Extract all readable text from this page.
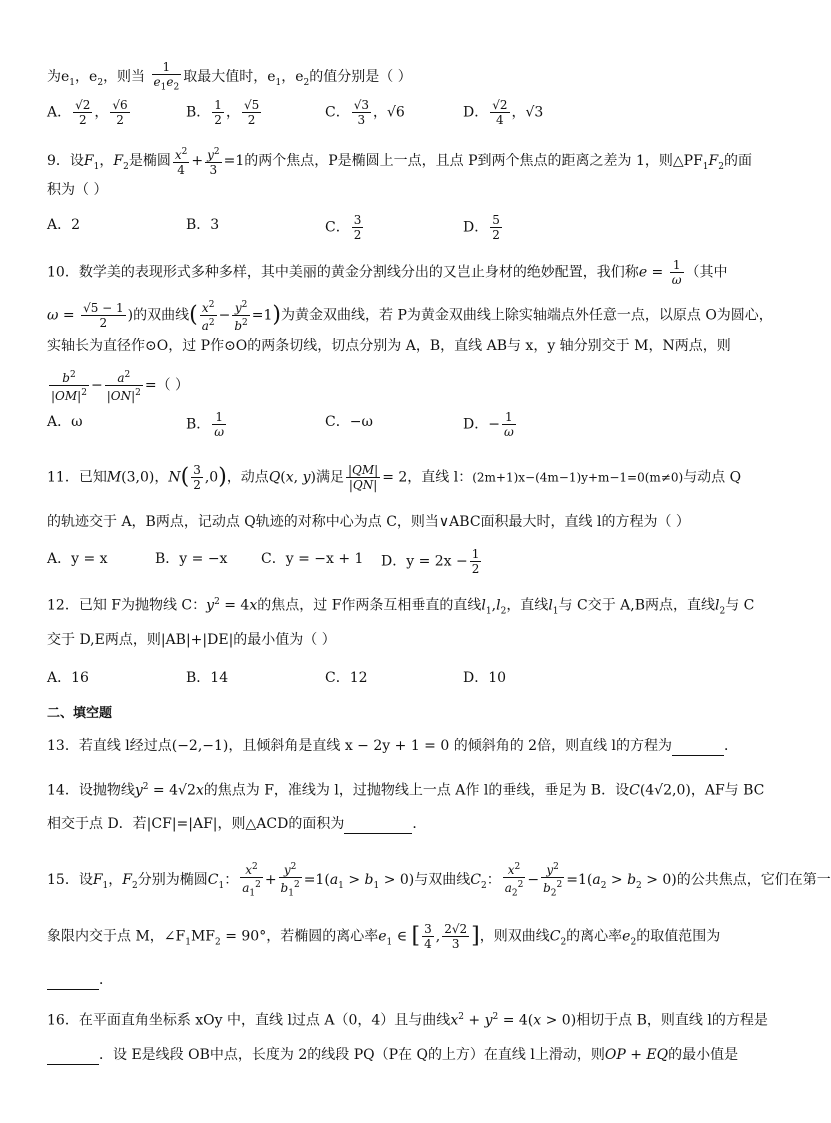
为$e_1$，$e_2$，则当 $\frac{1}{e_1e_2}$ 取最大值时，$e_1$，$e_2$的值分别是（ ）
A． $\frac{√2}{2}$ ， $\frac{√6}{2}$	B． $\frac{1}{2}$ ， $\frac{√5}{2}$	C． $\frac{√3}{3}$ ，√6	D． $\frac{√2}{4}$ ，√3
9．设$F_1$，$F_2$是椭圆 $\frac{x^2}{4} + \frac{y^2}{3} =1$的两个焦点，P是椭圆上一点，且点 P到两个焦点的距离之差为 1，则$\triangle PF_1F_2$的面
积为（ ）
A．2	B．3	C． $\frac{3}{2}$	D． $\frac{5}{2}$
10．数学美的表现形式多种多样，其中美丽的黄金分割线分出的又岂止身材的绝妙配置，我们称$e = \frac{1}{\omega}$ （其中
$\omega = \frac{√5 - 1}{2}$ )的双曲线( $\frac{x^2}{a^2} - \frac{y^2}{b^2} =1$)为黄金双曲线，若 P为黄金双曲线上除实轴端点外任意一点，以原点 O为圆心，
实轴长为直径作⊙O，过 P作⊙O的两条切线，切点分别为 A，B，直线 AB与 x，y 轴分别交于 M，N两点，则
$\frac{b^2}{|OM|^2} - \frac{a^2}{|ON|^2}$ =（ ）
A．ω	B． $\frac{1}{\omega}$	C．−ω	D．− $\frac{1}{\omega}$
11．已知M(3,0)，$N( \frac{3}{2} ,0)$，动点Q(x, y)满足 $\frac{|QM|}{|QN|} = 2$，直线 l：(2m+1)x−(4m−1)y+m−1=0(m≠0)与动点 Q
的轨迹交于 A，B两点，记动点 Q轨迹的对称中心为点 C，则当∨ABC面积最大时，直线 l的方程为（ ）
A．y = x	B．y = −x C．y = −x + 1 D．$y = 2x - \frac{1}{2}$
12．已知 F为抛物线 C：$y^2 = 4x$的焦点，过 F作两条互相垂直的直线$l_1,l_2$，直线$l_1$与 C交于 A,B两点，直线$l_2$与 C
交于 D,E两点，则|AB|+|DE|的最小值为（ ）
A．16	B．14	C．12	D．10
二、填空题
13．若直线 l经过点(−2,−1)，且倾斜角是直线 x − 2y + 1 = 0 的倾斜角的 2倍，则直线 l的方程为	．
14．设抛物线$y^2 = 4√2x$的焦点为 F，准线为 l，过抛物线上一点 A作 l的垂线，垂足为 B．设C(4√2,0)，AF与 BC
相交于点 D．若|CF|=|AF|，则△ACD的面积为	．
15．设$F_1$，$F_2$分别为椭圆$C_1$： $\frac{x^2}{a_1^2} + \frac{y^2}{b_1^2} =1(a_1 > b_1 > 0)$与双曲线$C_2$： $\frac{x^2}{a_2^2} - \frac{y^2}{b_2^2} =1(a_2 > b_2 > 0)$的公共焦点，它们在第一
象限内交于点 M，$\angle F_1MF_2 = 90^\circ$，若椭圆的离心率$e_1$ ∈ [ $\frac{3}{4}$ , $\frac{2√2}{3}$ ]，则双曲线$C_2$的离心率$e_2$的取值范围为
．
16．在平面直角坐标系 xOy 中，直线 l过点 A（0，4）且与曲线$x^2 + y^2 = 4(x > 0)$相切于点 B，则直线 l的方程是
．设 E是线段 OB中点，长度为 2的线段 PQ（P在 Q的上方）在直线 l上滑动，则OP + EQ的最小值是
